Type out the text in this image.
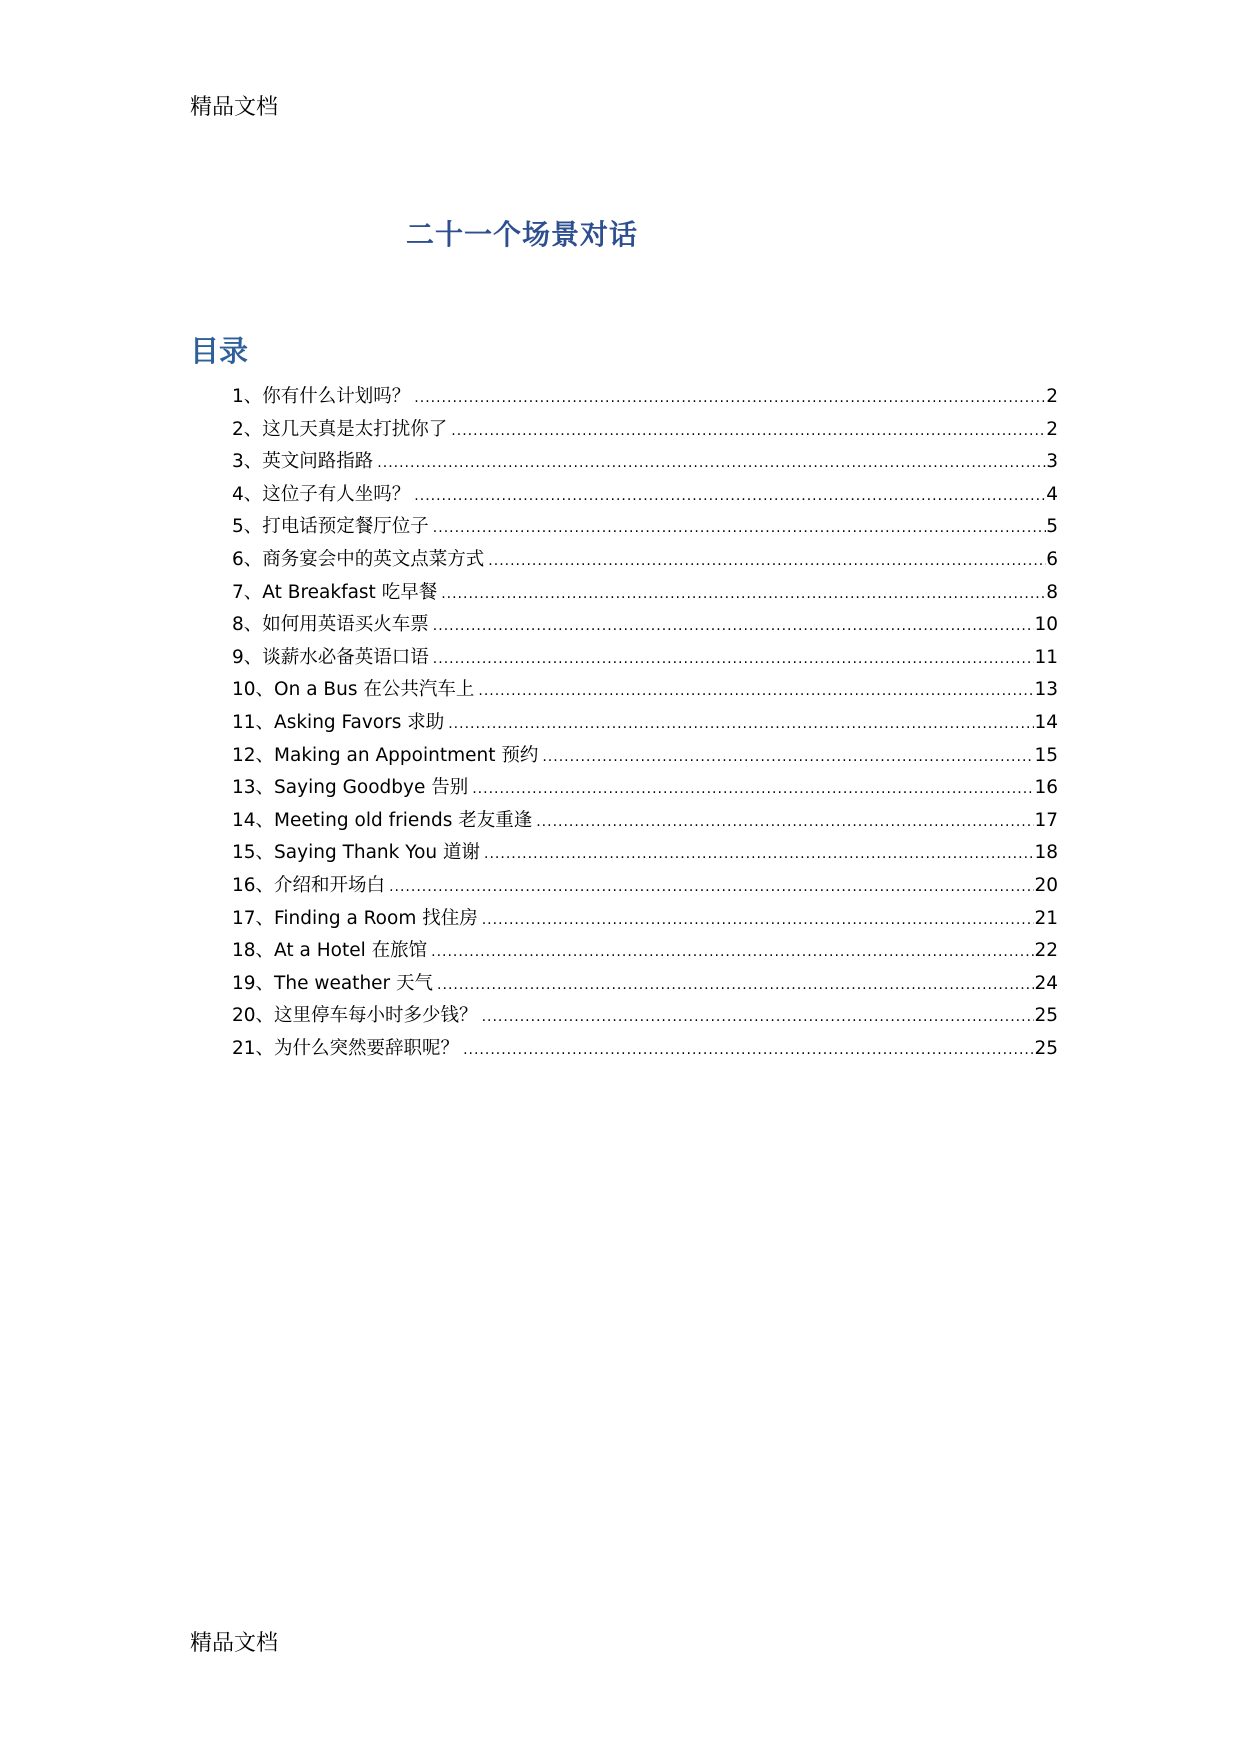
精品文档
二十一个场景对话
目录
1、 你有什么计划吗？ .....	2
2、 这几天真是太打扰你了 .....	2
3、 英文问路指路 .....	3
4、 这位子有人坐吗？ .....	4
5、 打电话预定餐厅位子 .....	5
6、 商务宴会中的英文点菜方式 .....	6
7、 At Breakfast 吃早餐 .....	8
8、 如何用英语买火车票 .....	10
9、 谈薪水必备英语口语 .....	11
10、 On a Bus 在公共汽车上 .....	13
11、 Asking Favors 求助 .....	14
12、 Making an Appointment 预约 .....	15
13、 Saying Goodbye 告别 .....	16
14、 Meeting old friends 老友重逢 .....	17
15、 Saying Thank You 道谢 .....	18
16、 介绍和开场白 .....	20
17、 Finding a Room 找住房 .....	21
18、 At a Hotel 在旅馆 .....	22
19、 The weather 天气 .....	24
20、 这里停车每小时多少钱？ .....	25
21、 为什么突然要辞职呢？ .....	25
精品文档
